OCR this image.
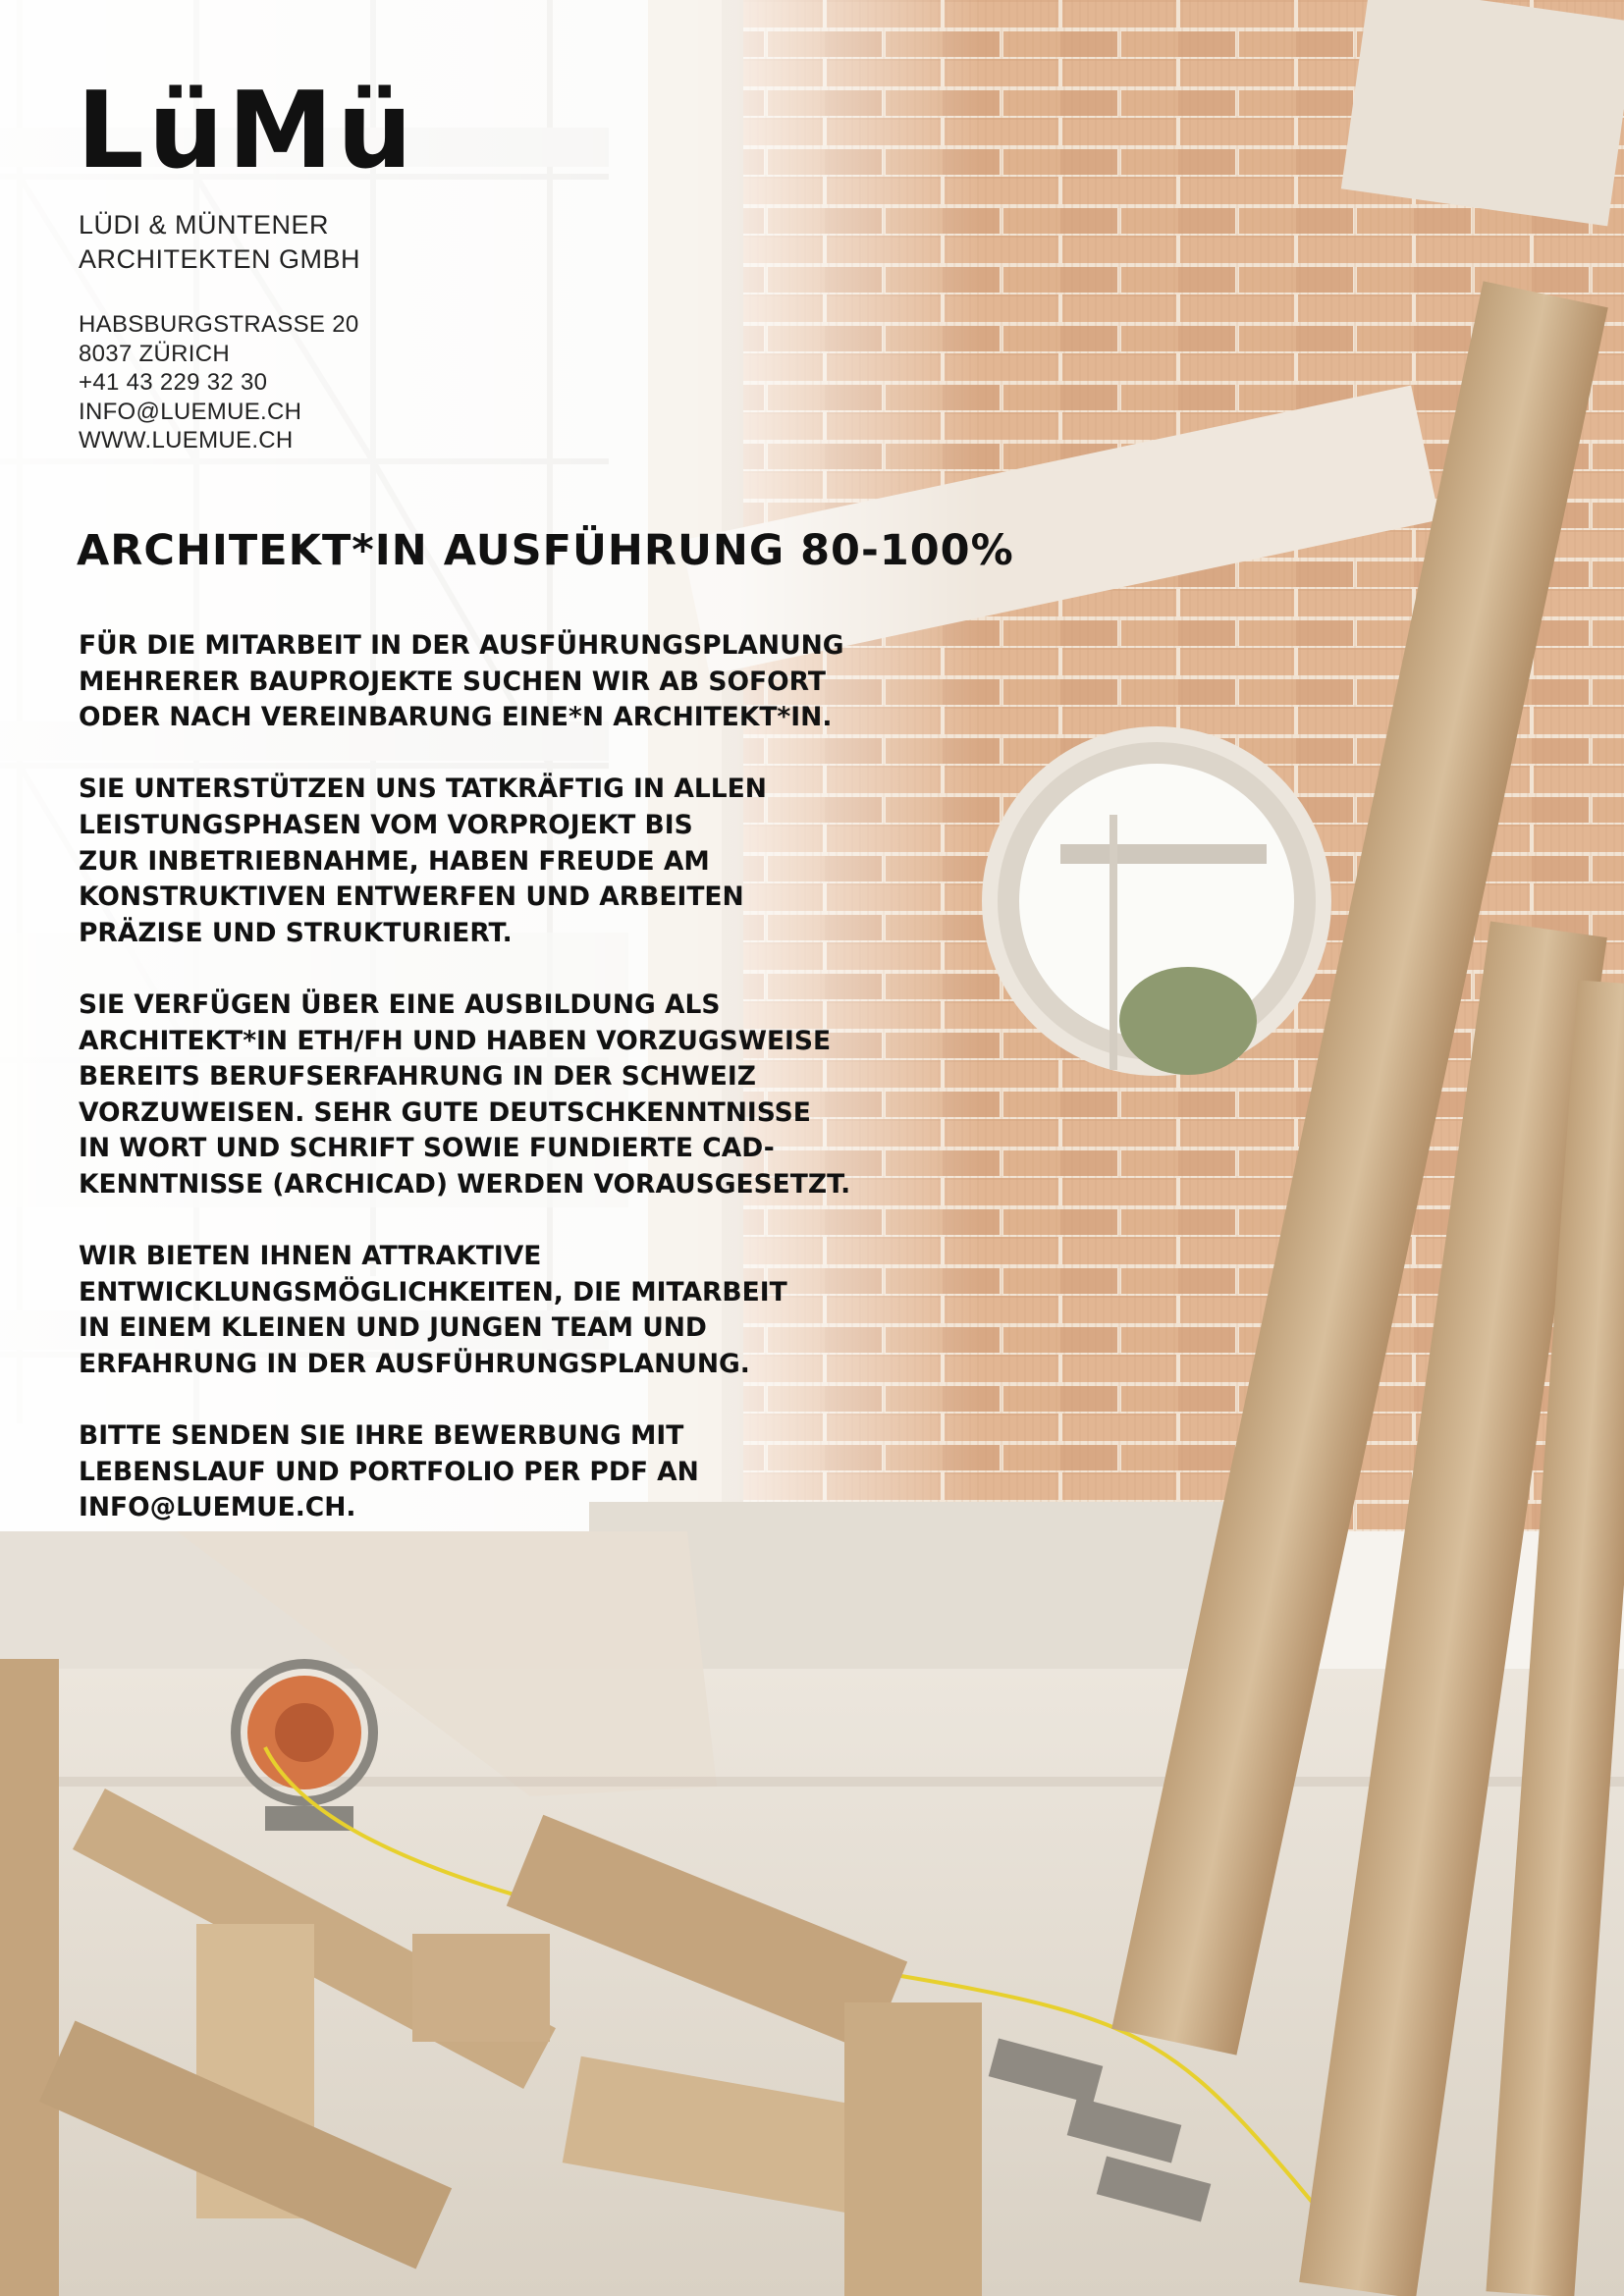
LüMü
LÜDI & MÜNTENER
ARCHITEKTEN GMBH
HABSBURGSTRASSE 20
8037 ZÜRICH
+41 43 229 32 30
INFO@LUEMUE.CH
WWW.LUEMUE.CH
ARCHITEKT*IN AUSFÜHRUNG 80-100%

FÜR DIE MITARBEIT IN DER AUSFÜHRUNGSPLANUNG
MEHRERER BAUPROJEKTE SUCHEN WIR AB SOFORT
ODER NACH VEREINBARUNG EINE*N ARCHITEKT*IN.

SIE UNTERSTÜTZEN UNS TATKRÄFTIG IN ALLEN
LEISTUNGSPHASEN VOM VORPROJEKT BIS
ZUR INBETRIEBNAHME, HABEN FREUDE AM
KONSTRUKTIVEN ENTWERFEN UND ARBEITEN
PRÄZISE UND STRUKTURIERT.

SIE VERFÜGEN ÜBER EINE AUSBILDUNG ALS
ARCHITEKT*IN ETH/FH UND HABEN VORZUGSWEISE
BEREITS BERUFSERFAHRUNG IN DER SCHWEIZ
VORZUWEISEN. SEHR GUTE DEUTSCHKENNTNISSE
IN WORT UND SCHRIFT SOWIE FUNDIERTE CAD-
KENNTNISSE (ARCHICAD) WERDEN VORAUSGESETZT.

WIR BIETEN IHNEN ATTRAKTIVE
ENTWICKLUNGSMÖGLICHKEITEN, DIE MITARBEIT
IN EINEM KLEINEN UND JUNGEN TEAM UND
ERFAHRUNG IN DER AUSFÜHRUNGSPLANUNG.

BITTE SENDEN SIE IHRE BEWERBUNG MIT
LEBENSLAUF UND PORTFOLIO PER PDF AN
INFO@LUEMUE.CH.
